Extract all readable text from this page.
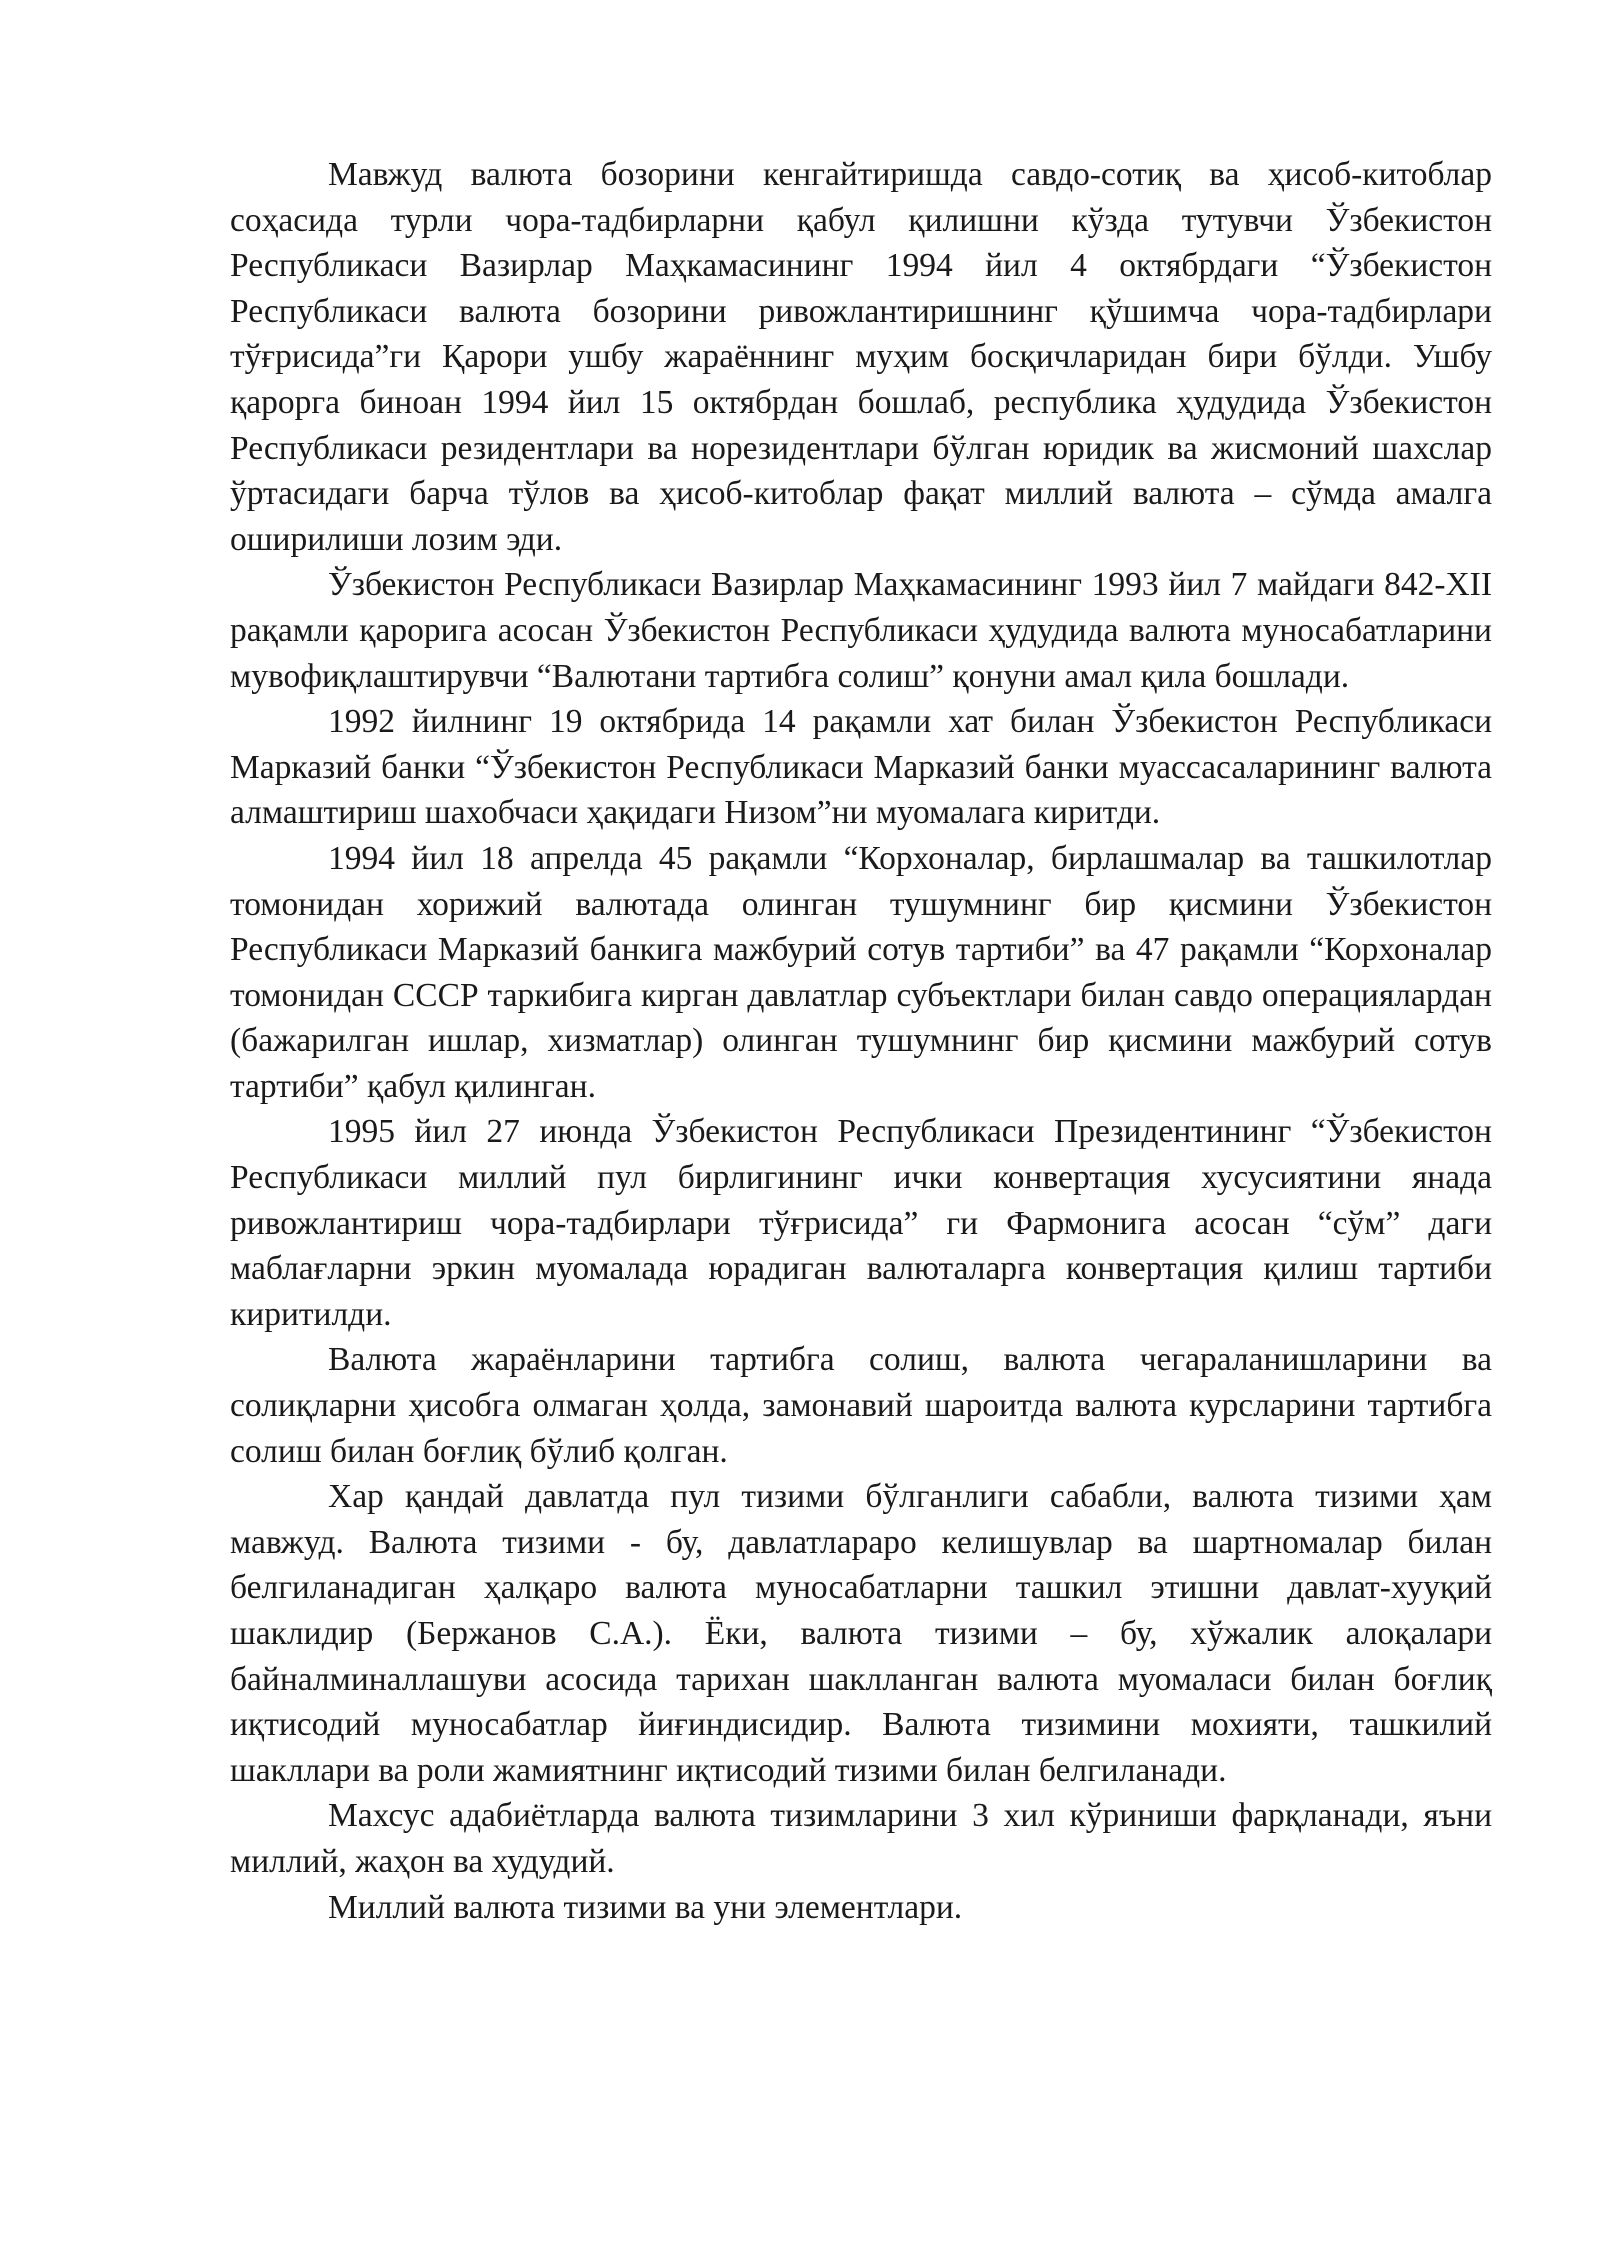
Мавжуд валюта бозорини кенгайтиришда савдо-сотиқ ва ҳисоб-китоблар соҳасида турли чора-тадбирларни қабул қилишни кўзда тутувчи Ўзбекистон Республикаси Вазирлар Маҳкамасининг 1994 йил 4 октябрдаги “Ўзбекистон Республикаси валюта бозорини ривожлантиришнинг қўшимча чора-тадбирлари тўғрисида”ги Қарори ушбу жараённинг муҳим босқичларидан бири бўлди. Ушбу қарорга биноан 1994 йил 15 октябрдан бошлаб, республика ҳудудида Ўзбекистон Республикаси резидентлари ва норезидентлари бўлган юридик ва жисмоний шахслар ўртасидаги барча тўлов ва ҳисоб-китоблар фақат миллий валюта – сўмда амалга оширилиши лозим эди.

Ўзбекистон Республикаси Вазирлар Маҳкамасининг 1993 йил 7 майдаги 842-XII рақамли қарорига асосан Ўзбекистон Республикаси ҳудудида валюта муносабатларини мувофиқлаштирувчи “Валютани тартибга солиш” қонуни амал қила бошлади.

1992 йилнинг 19 октябрида 14 рақамли хат билан Ўзбекистон Республикаси Марказий банки “Ўзбекистон Республикаси Марказий банки муассасаларининг валюта алмаштириш шахобчаси ҳақидаги Низом”ни муомалага киритди.

1994 йил 18 апрелда 45 рақамли “Корхоналар, бирлашмалар ва ташкилотлар томонидан хорижий валютада олинган тушумнинг бир қисмини Ўзбекистон Республикаси Марказий банкига мажбурий сотув тартиби” ва 47 рақамли “Корхоналар томонидан СССР таркибига кирган давлатлар субъектлари билан савдо операциялардан (бажарилган ишлар, хизматлар) олинган тушумнинг бир қисмини мажбурий сотув тартиби” қабул қилинган.

1995 йил 27 июнда Ўзбекистон Республикаси Президентининг “Ўзбекистон Республикаси миллий пул бирлигининг ички конвертация хусусиятини янада ривожлантириш чора-тадбирлари тўғрисида” ги Фармонига асосан “сўм” даги маблағларни эркин муомалада юрадиган валюталарга конвертация қилиш тартиби киритилди.

Валюта жараёнларини тартибга солиш, валюта чегараланишларини ва солиқларни ҳисобга олмаган ҳолда, замонавий шароитда валюта курсларини тартибга солиш билан боғлиқ бўлиб қолган.

Хар қандай давлатда пул тизими бўлганлиги сабабли, валюта тизими ҳам мавжуд. Валюта тизими - бу, давлатлараро келишувлар ва шартномалар билан белгиланадиган ҳалқаро валюта муносабатларни ташкил этишни давлат-хууқий шаклидир (Бержанов С.А.). Ёки, валюта тизими – бу, хўжалик алоқалари байналминаллашуви асосида тарихан шаклланган валюта муомаласи билан боғлиқ иқтисодий муносабатлар йиғиндисидир. Валюта тизимини мохияти, ташкилий шакллари ва роли жамиятнинг иқтисодий тизими билан белгиланади.

Махсус адабиётларда валюта тизимларини 3 хил кўриниши фарқланади, яъни миллий, жаҳон ва худудий.

Миллий валюта тизими ва уни элементлари.
